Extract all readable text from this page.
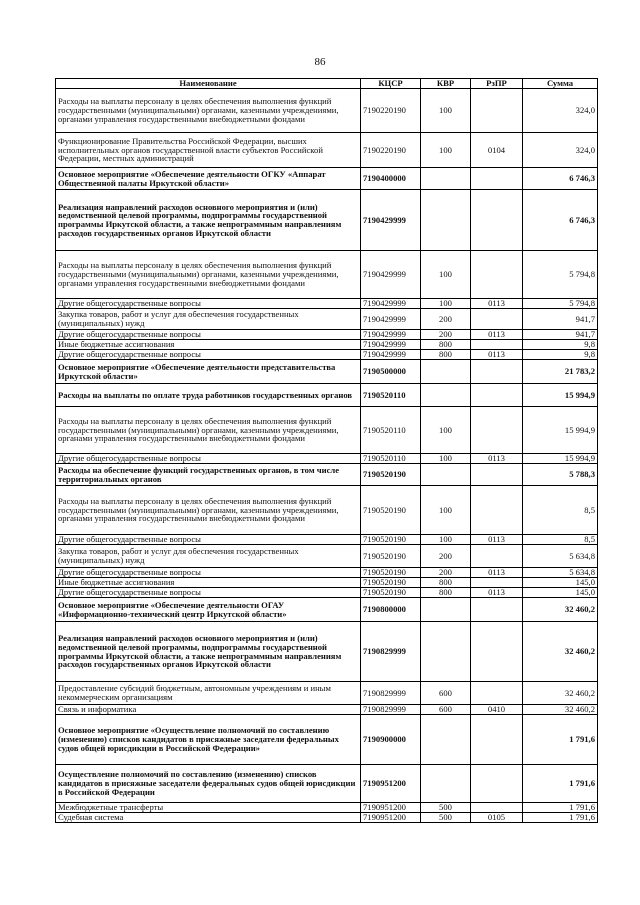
86
Наименование	КЦСР	КВР	РзПР	Сумма
Расходы на выплаты персоналу в целях обеспечения выполнения функций государственными (муниципальными) органами, казенными учреждениями, органами управления государственными внебюджетными фондами	7190220190	100		324,0
Функционирование Правительства Российской Федерации, высших исполнительных органов государственной власти субъектов Российской Федерации, местных администраций	7190220190	100	0104	324,0
Основное мероприятие «Обеспечение деятельности ОГКУ «Аппарат Общественной палаты Иркутской области»	7190400000			6 746,3
Реализация направлений расходов основного мероприятия и (или) ведомственной целевой программы, подпрограммы государственной программы Иркутской области, а также непрограммным направлениям расходов государственных органов Иркутской области	7190429999			6 746,3
Расходы на выплаты персоналу в целях обеспечения выполнения функций государственными (муниципальными) органами, казенными учреждениями, органами управления государственными внебюджетными фондами	7190429999	100		5 794,8
Другие общегосударственные вопросы	7190429999	100	0113	5 794,8
Закупка товаров, работ и услуг для обеспечения государственных (муниципальных) нужд	7190429999	200		941,7
Другие общегосударственные вопросы	7190429999	200	0113	941,7
Иные бюджетные ассигнования	7190429999	800		9,8
Другие общегосударственные вопросы	7190429999	800	0113	9,8
Основное мероприятие «Обеспечение деятельности представительства Иркутской области»	7190500000			21 783,2
Расходы на выплаты по оплате труда работников государственных органов	7190520110			15 994,9
Расходы на выплаты персоналу в целях обеспечения выполнения функций государственными (муниципальными) органами, казенными учреждениями, органами управления государственными внебюджетными фондами	7190520110	100		15 994,9
Другие общегосударственные вопросы	7190520110	100	0113	15 994,9
Расходы на обеспечение функций государственных органов, в том числе территориальных органов	7190520190			5 788,3
Расходы на выплаты персоналу в целях обеспечения выполнения функций государственными (муниципальными) органами, казенными учреждениями, органами управления государственными внебюджетными фондами	7190520190	100		8,5
Другие общегосударственные вопросы	7190520190	100	0113	8,5
Закупка товаров, работ и услуг для обеспечения государственных (муниципальных) нужд	7190520190	200		5 634,8
Другие общегосударственные вопросы	7190520190	200	0113	5 634,8
Иные бюджетные ассигнования	7190520190	800		145,0
Другие общегосударственные вопросы	7190520190	800	0113	145,0
Основное мероприятие «Обеспечение деятельности ОГАУ «Информационно-технический центр Иркутской области»	7190800000			32 460,2
Реализация направлений расходов основного мероприятия и (или) ведомственной целевой программы, подпрограммы государственной программы Иркутской области, а также непрограммным направлениям расходов государственных органов Иркутской области	7190829999			32 460,2
Предоставление субсидий бюджетным, автономным учреждениям и иным некоммерческим организациям	7190829999	600		32 460,2
Связь и информатика	7190829999	600	0410	32 460,2
Основное мероприятие «Осуществление полномочий по составлению (изменению) списков кандидатов в присяжные заседатели федеральных судов общей юрисдикции в Российской Федерации»	7190900000			1 791,6
Осуществление полномочий по составлению (изменению) списков кандидатов в присяжные заседатели федеральных судов общей юрисдикции в Российской Федерации	7190951200			1 791,6
Межбюджетные трансферты	7190951200	500		1 791,6
Судебная система	7190951200	500	0105	1 791,6
